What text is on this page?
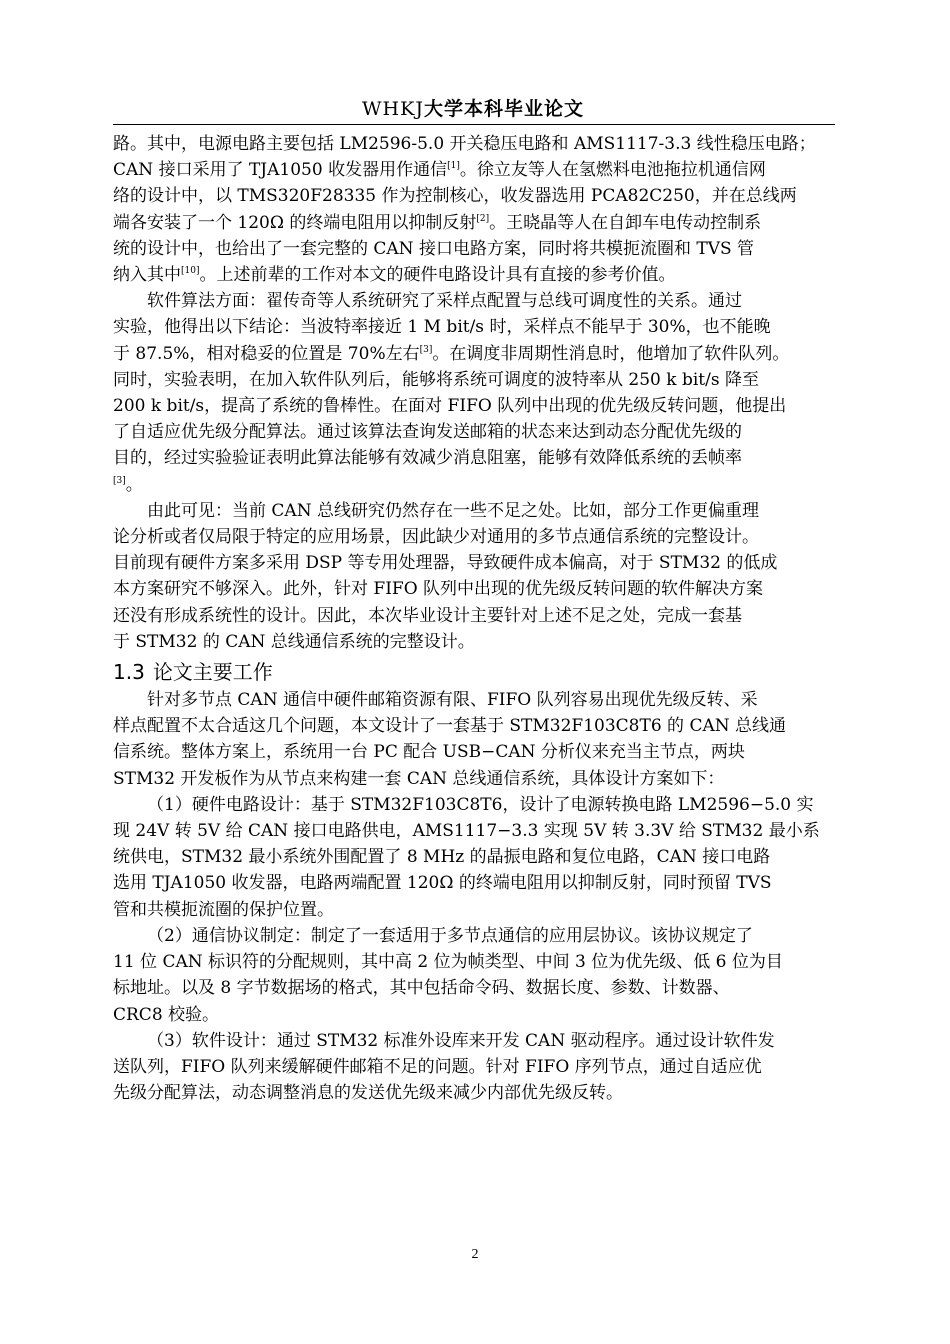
WHKJ大学本科毕业论文
路。其中，电源电路主要包括 LM2596-5.0 开关稳压电路和 AMS1117-3.3 线性稳压电路；
CAN 接口采用了 TJA1050 收发器用作通信[1]。徐立友等人在氢燃料电池拖拉机通信网
络的设计中，以 TMS320F28335 作为控制核心，收发器选用 PCA82C250，并在总线两
端各安装了一个 120Ω 的终端电阻用以抑制反射[2]。王晓晶等人在自卸车电传动控制系
统的设计中，也给出了一套完整的 CAN 接口电路方案，同时将共模扼流圈和 TVS 管
纳入其中[10]。上述前辈的工作对本文的硬件电路设计具有直接的参考价值。
软件算法方面：翟传奇等人系统研究了采样点配置与总线可调度性的关系。通过
实验，他得出以下结论：当波特率接近 1 M bit/s 时，采样点不能早于 30%，也不能晚
于 87.5%，相对稳妥的位置是 70%左右[3]。在调度非周期性消息时，他增加了软件队列。
同时，实验表明，在加入软件队列后，能够将系统可调度的波特率从 250 k bit/s 降至
200 k bit/s，提高了系统的鲁棒性。在面对 FIFO 队列中出现的优先级反转问题，他提出
了自适应优先级分配算法。通过该算法查询发送邮箱的状态来达到动态分配优先级的
目的，经过实验验证表明此算法能够有效减少消息阻塞，能够有效降低系统的丢帧率
[3]。
由此可见：当前 CAN 总线研究仍然存在一些不足之处。比如，部分工作更偏重理
论分析或者仅局限于特定的应用场景，因此缺少对通用的多节点通信系统的完整设计。
目前现有硬件方案多采用 DSP 等专用处理器，导致硬件成本偏高，对于 STM32 的低成
本方案研究不够深入。此外，针对 FIFO 队列中出现的优先级反转问题的软件解决方案
还没有形成系统性的设计。因此，本次毕业设计主要针对上述不足之处，完成一套基
于 STM32 的 CAN 总线通信系统的完整设计。
1.3 论文主要工作
针对多节点 CAN 通信中硬件邮箱资源有限、FIFO 队列容易出现优先级反转、采
样点配置不太合适这几个问题，本文设计了一套基于 STM32F103C8T6 的 CAN 总线通
信系统。整体方案上，系统用一台 PC 配合 USB−CAN 分析仪来充当主节点，两块
STM32 开发板作为从节点来构建一套 CAN 总线通信系统，具体设计方案如下：
（1）硬件电路设计：基于 STM32F103C8T6，设计了电源转换电路 LM2596−5.0 实
现 24V 转 5V 给 CAN 接口电路供电，AMS1117−3.3 实现 5V 转 3.3V 给 STM32 最小系
统供电，STM32 最小系统外围配置了 8 MHz 的晶振电路和复位电路，CAN 接口电路
选用 TJA1050 收发器，电路两端配置 120Ω 的终端电阻用以抑制反射，同时预留 TVS
管和共模扼流圈的保护位置。
（2）通信协议制定：制定了一套适用于多节点通信的应用层协议。该协议规定了
11 位 CAN 标识符的分配规则，其中高 2 位为帧类型、中间 3 位为优先级、低 6 位为目
标地址。以及 8 字节数据场的格式，其中包括命令码、数据长度、参数、计数器、
CRC8 校验。
（3）软件设计：通过 STM32 标准外设库来开发 CAN 驱动程序。通过设计软件发
送队列，FIFO 队列来缓解硬件邮箱不足的问题。针对 FIFO 序列节点，通过自适应优
先级分配算法，动态调整消息的发送优先级来减少内部优先级反转。
2
